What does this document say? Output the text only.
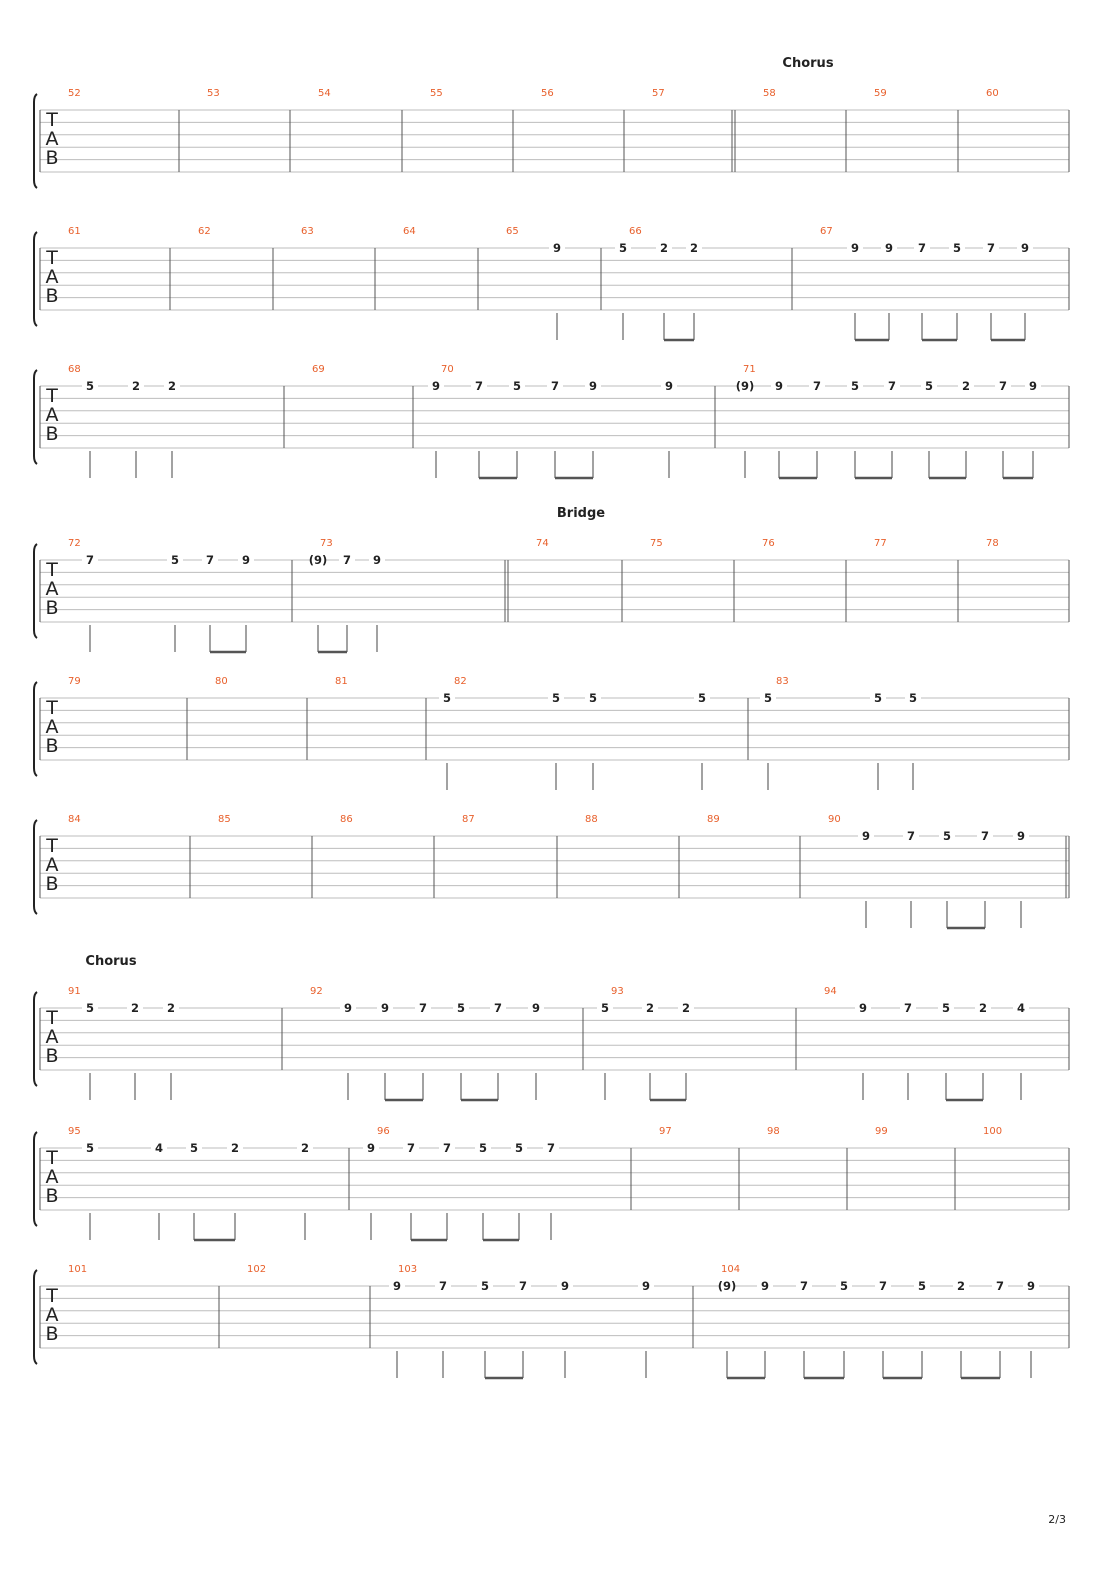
T
A
B
Chorus
52	53	54	55	56	57	58	59	60
T
A
B
61	62	63	64	65	66	67
9	5	2 2	9 9 7 5 7 9
T
A
B
68	69	70	71
5	2 2	9	7	5	7	9	9	(9) 9	7	5	7	5	2	7 9
T
A
B
Bridge
72	73	74	75	76	77	78
7	5 7 9	(9) 7 9
T
A
B
79	80	81	82	83
5	5	5	5	5	5 5
T
A
B
84	85	86	87	88	89	90
9	7 5	7 9
T
A
B
Chorus
91	92	93	94
5	2 2	9	9	7	5	7	9	5	2 2	9	7	5	2	4
T
A
B
95	96	97	98	99	100
5	4 5	2	2	9	7 7 5 5 7
T
A
B
101	102	103	104
9	7	5	7	9	9	(9) 9	7	5	7	5	2	7 9
2/3
